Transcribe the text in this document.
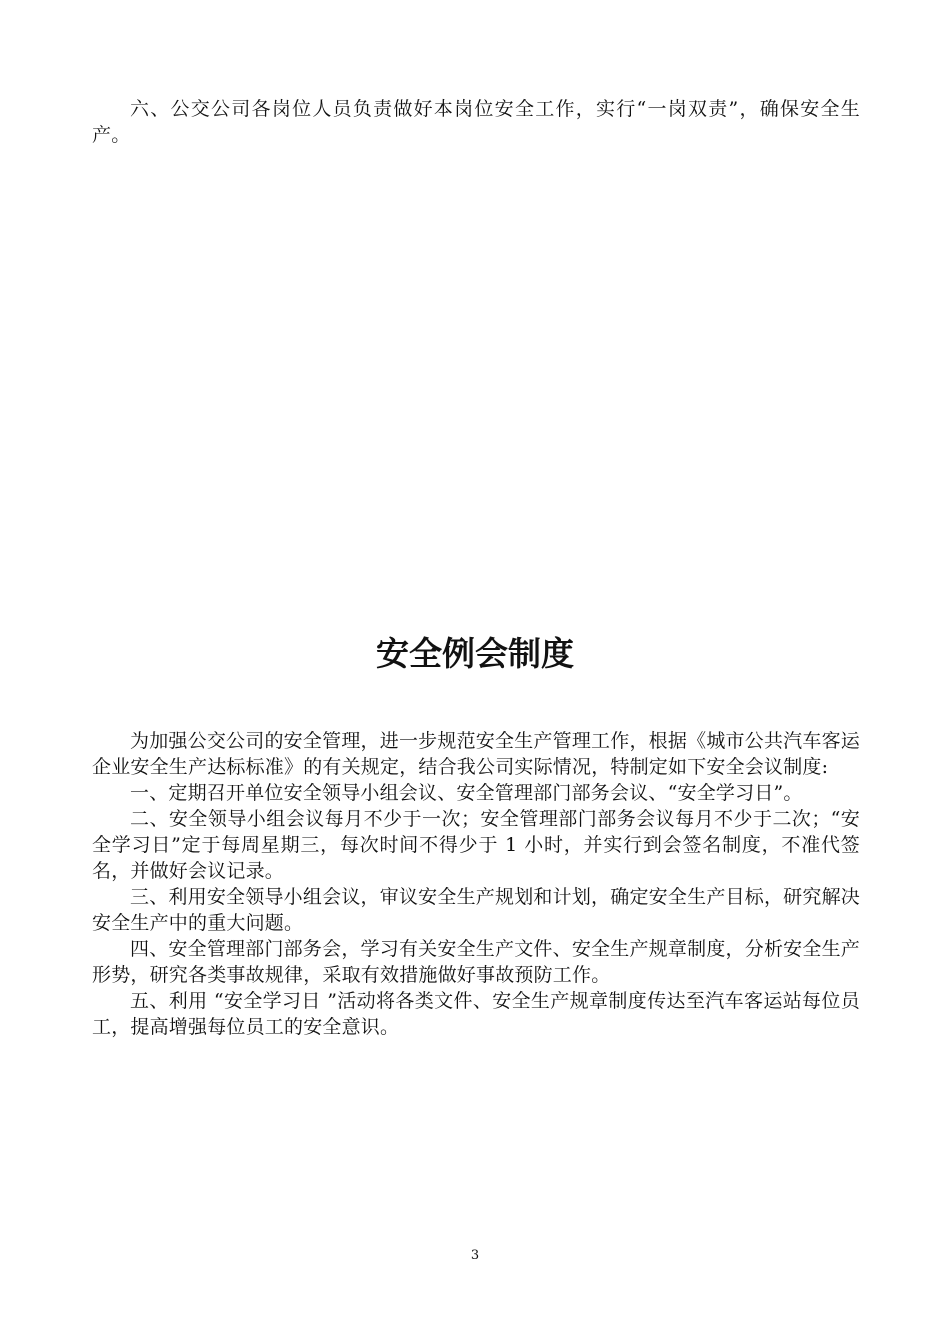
六、公交公司各岗位人员负责做好本岗位安全工作，实行“一岗双责”，确保安全生产。

安全例会制度

为加强公交公司的安全管理，进一步规范安全生产管理工作，根据《城市公共汽车客运企业安全生产达标标准》的有关规定，结合我公司实际情况，特制定如下安全会议制度:

一、定期召开单位安全领导小组会议、安全管理部门部务会议、“安全学习日”。

二、安全领导小组会议每月不少于一次；安全管理部门部务会议每月不少于二次；“安全学习日”定于每周星期三，每次时间不得少于 1 小时，并实行到会签名制度，不准代签名，并做好会议记录。

三、利用安全领导小组会议，审议安全生产规划和计划，确定安全生产目标，研究解决安全生产中的重大问题。

四、安全管理部门部务会，学习有关安全生产文件、安全生产规章制度，分析安全生产形势，研究各类事故规律，采取有效措施做好事故预防工作。

五、利用 “安全学习日 ”活动将各类文件、安全生产规章制度传达至汽车客运站每位员工，提高增强每位员工的安全意识。

3
